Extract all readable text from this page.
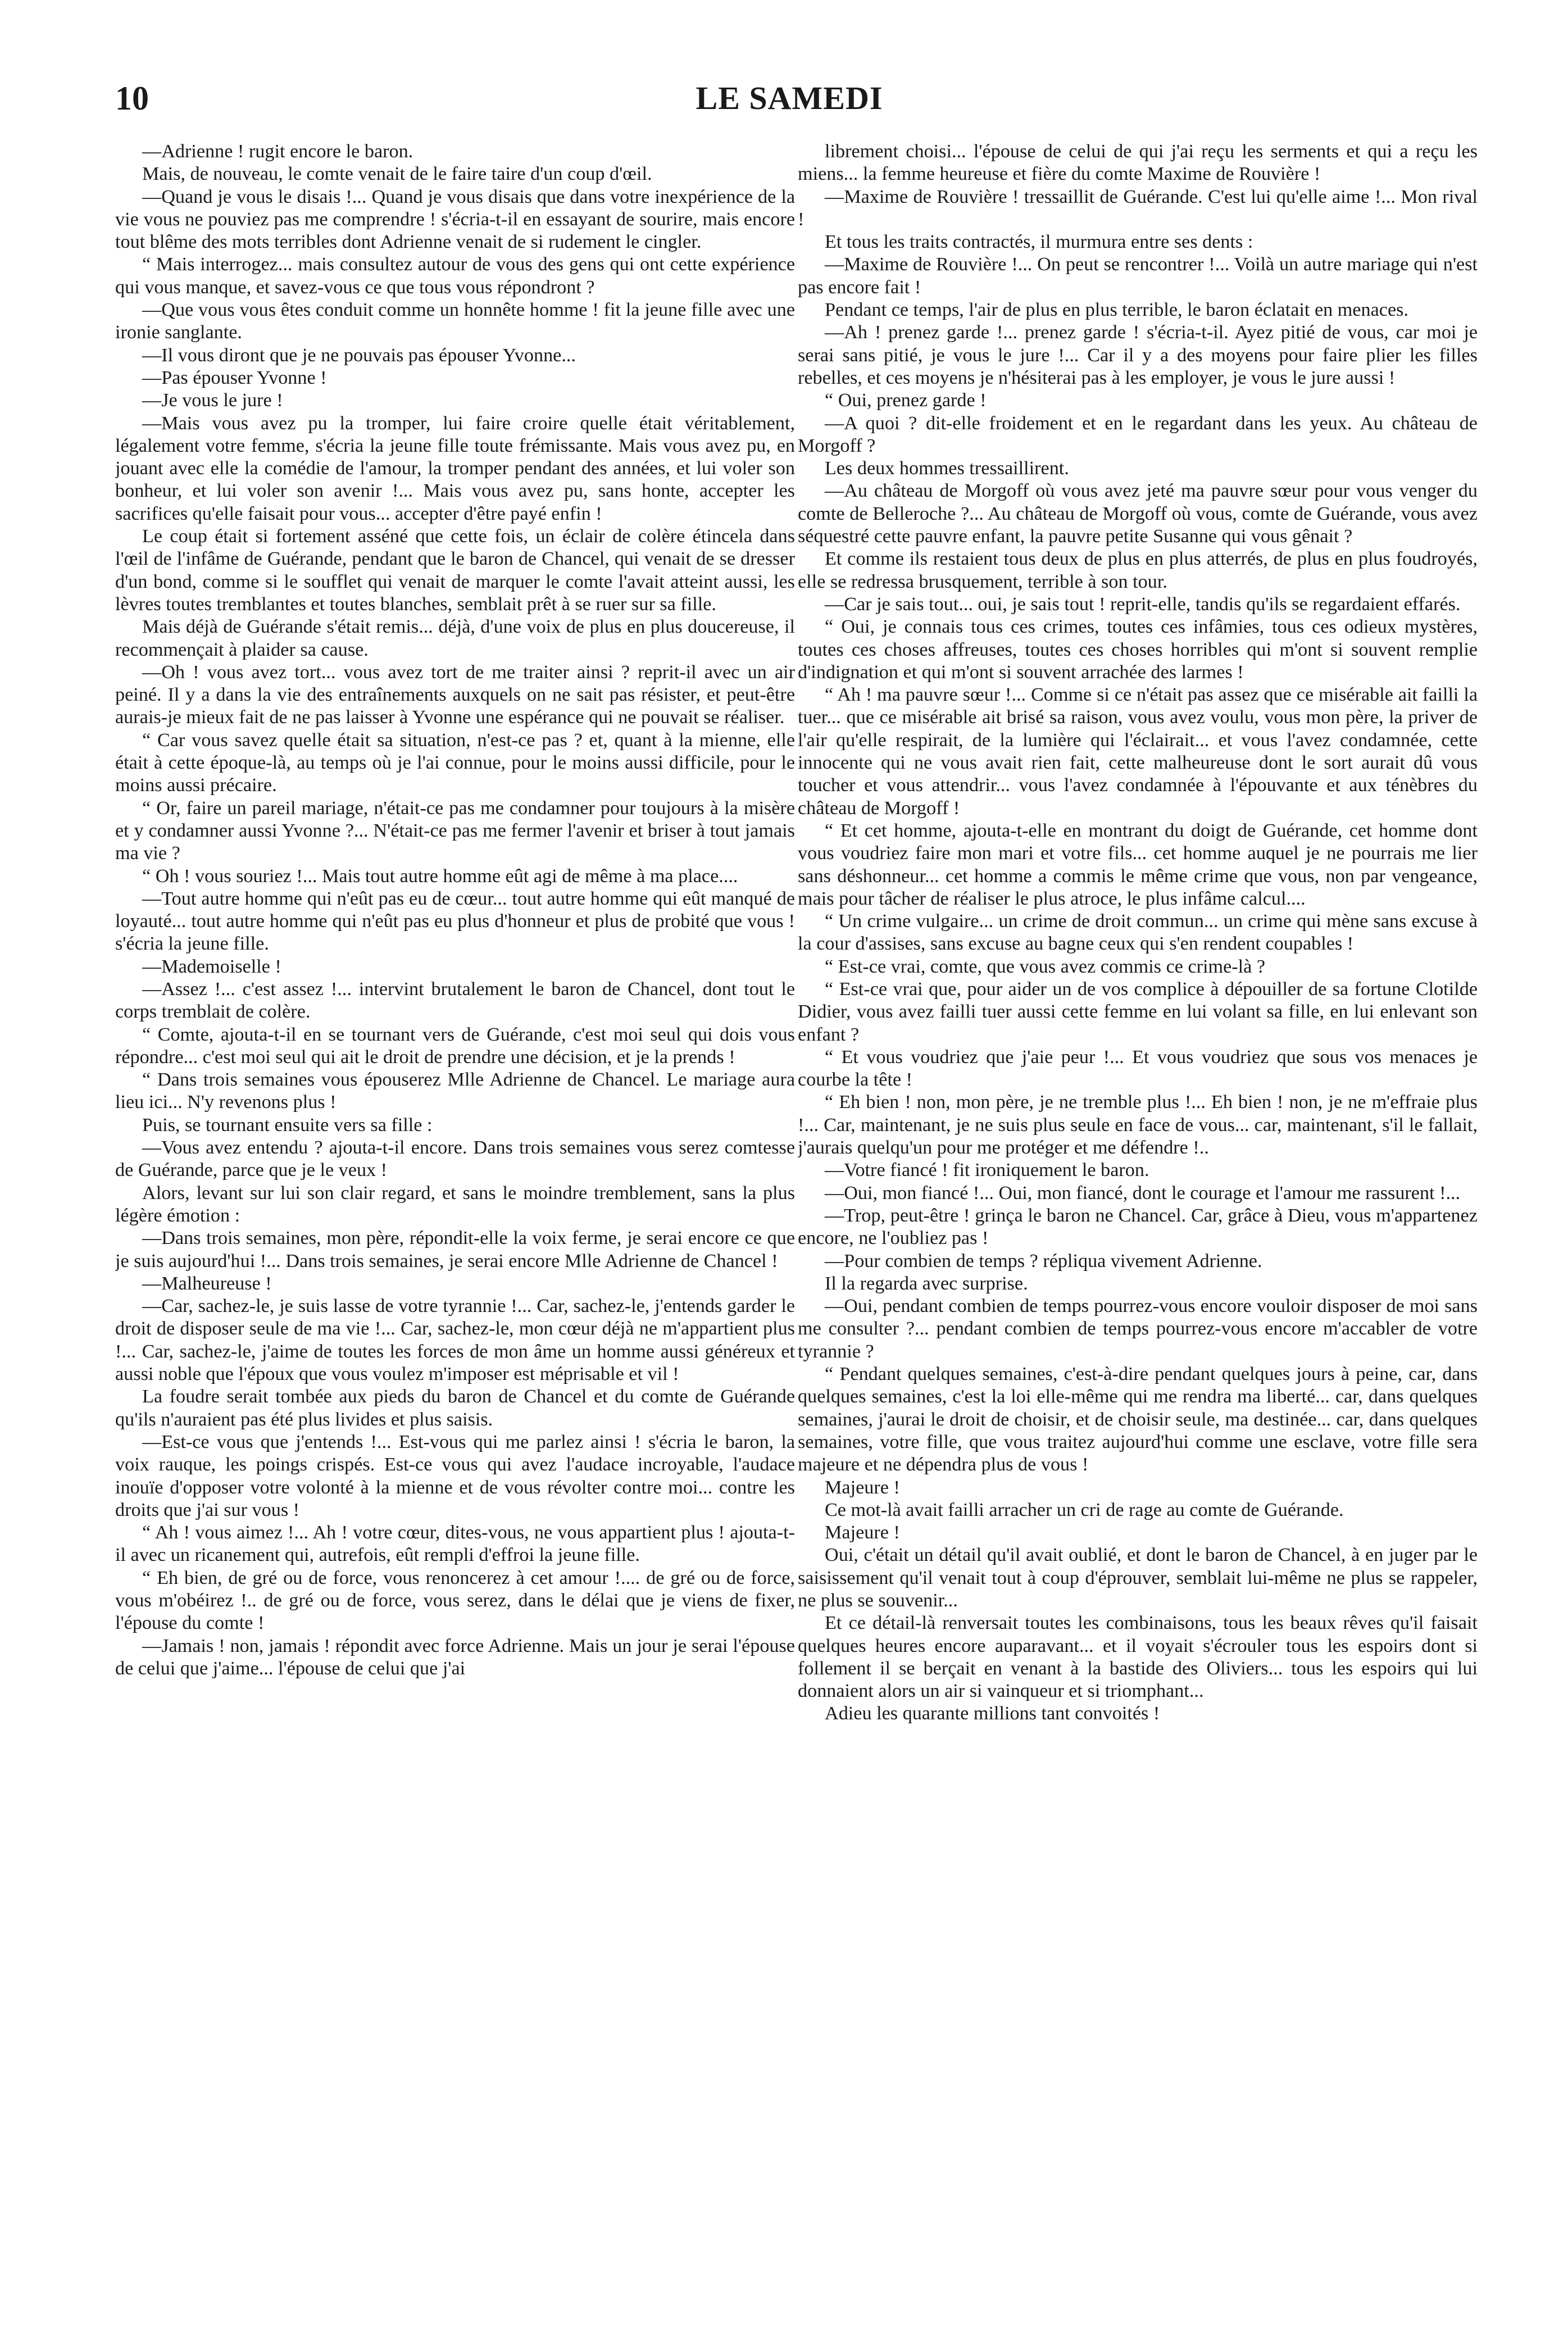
10	LE SAMEDI

—Adrienne ! rugit encore le baron.

Mais, de nouveau, le comte venait de le faire taire d'un coup d'œil.

—Quand je vous le disais !... Quand je vous disais que dans votre inexpérience de la vie vous ne pouviez pas me comprendre ! s'écria-t-il en essayant de sourire, mais encore tout blême des mots terribles dont Adrienne venait de si rudement le cingler.

“ Mais interrogez... mais consultez autour de vous des gens qui ont cette expérience qui vous manque, et savez-vous ce que tous vous répondront ?

—Que vous vous êtes conduit comme un honnête homme ! fit la jeune fille avec une ironie sanglante.

—Il vous diront que je ne pouvais pas épouser Yvonne...

—Pas épouser Yvonne !

—Je vous le jure !

—Mais vous avez pu la tromper, lui faire croire quelle était véritablement, légalement votre femme, s'écria la jeune fille toute frémissante. Mais vous avez pu, en jouant avec elle la comédie de l'amour, la tromper pendant des années, et lui voler son bonheur, et lui voler son avenir !... Mais vous avez pu, sans honte, accepter les sacrifices qu'elle faisait pour vous... accepter d'être payé enfin !

Le coup était si fortement asséné que cette fois, un éclair de colère étincela dans l'œil de l'infâme de Guérande, pendant que le baron de Chancel, qui venait de se dresser d'un bond, comme si le soufflet qui venait de marquer le comte l'avait atteint aussi, les lèvres toutes tremblantes et toutes blanches, semblait prêt à se ruer sur sa fille.

Mais déjà de Guérande s'était remis... déjà, d'une voix de plus en plus doucereuse, il recommençait à plaider sa cause.

—Oh ! vous avez tort... vous avez tort de me traiter ainsi ? reprit-il avec un air peiné. Il y a dans la vie des entraînements auxquels on ne sait pas résister, et peut-être aurais-je mieux fait de ne pas laisser à Yvonne une espérance qui ne pouvait se réaliser.

“ Car vous savez quelle était sa situation, n'est-ce pas ? et, quant à la mienne, elle était à cette époque-là, au temps où je l'ai connue, pour le moins aussi difficile, pour le moins aussi précaire.

“ Or, faire un pareil mariage, n'était-ce pas me condamner pour toujours à la misère et y condamner aussi Yvonne ?... N'était-ce pas me fermer l'avenir et briser à tout jamais ma vie ?

“ Oh ! vous souriez !... Mais tout autre homme eût agi de même à ma place....

—Tout autre homme qui n'eût pas eu de cœur... tout autre homme qui eût manqué de loyauté... tout autre homme qui n'eût pas eu plus d'honneur et plus de probité que vous ! s'écria la jeune fille.

—Mademoiselle !

—Assez !... c'est assez !... intervint brutalement le baron de Chancel, dont tout le corps tremblait de colère.

“ Comte, ajouta-t-il en se tournant vers de Guérande, c'est moi seul qui dois vous répondre... c'est moi seul qui ait le droit de prendre une décision, et je la prends !

“ Dans trois semaines vous épouserez Mlle Adrienne de Chancel. Le mariage aura lieu ici... N'y revenons plus !

Puis, se tournant ensuite vers sa fille :

—Vous avez entendu ? ajouta-t-il encore. Dans trois semaines vous serez comtesse de Guérande, parce que je le veux !

Alors, levant sur lui son clair regard, et sans le moindre tremblement, sans la plus légère émotion :

—Dans trois semaines, mon père, répondit-elle la voix ferme, je serai encore ce que je suis aujourd'hui !... Dans trois semaines, je serai encore Mlle Adrienne de Chancel !

—Malheureuse !

—Car, sachez-le, je suis lasse de votre tyrannie !... Car, sachez-le, j'entends garder le droit de disposer seule de ma vie !... Car, sachez-le, mon cœur déjà ne m'appartient plus !... Car, sachez-le, j'aime de toutes les forces de mon âme un homme aussi généreux et aussi noble que l'époux que vous voulez m'imposer est méprisable et vil !

La foudre serait tombée aux pieds du baron de Chancel et du comte de Guérande qu'ils n'auraient pas été plus livides et plus saisis.

—Est-ce vous que j'entends !... Est-vous qui me parlez ainsi ! s'écria le baron, la voix rauque, les poings crispés. Est-ce vous qui avez l'audace incroyable, l'audace inouïe d'opposer votre volonté à la mienne et de vous révolter contre moi... contre les droits que j'ai sur vous !

“ Ah ! vous aimez !... Ah ! votre cœur, dites-vous, ne vous appartient plus ! ajouta-t-il avec un ricanement qui, autrefois, eût rempli d'effroi la jeune fille.

“ Eh bien, de gré ou de force, vous renoncerez à cet amour !.... de gré ou de force, vous m'obéirez !.. de gré ou de force, vous serez, dans le délai que je viens de fixer, l'épouse du comte !

—Jamais ! non, jamais ! répondit avec force Adrienne. Mais un jour je serai l'épouse de celui que j'aime... l'épouse de celui que j'ai

librement choisi... l'épouse de celui de qui j'ai reçu les serments et qui a reçu les miens... la femme heureuse et fière du comte Maxime de Rouvière !

—Maxime de Rouvière ! tressaillit de Guérande. C'est lui qu'elle aime !... Mon rival !

Et tous les traits contractés, il murmura entre ses dents :

—Maxime de Rouvière !... On peut se rencontrer !... Voilà un autre mariage qui n'est pas encore fait !

Pendant ce temps, l'air de plus en plus terrible, le baron éclatait en menaces.

—Ah ! prenez garde !... prenez garde ! s'écria-t-il. Ayez pitié de vous, car moi je serai sans pitié, je vous le jure !... Car il y a des moyens pour faire plier les filles rebelles, et ces moyens je n'hésiterai pas à les employer, je vous le jure aussi !

“ Oui, prenez garde !

—A quoi ? dit-elle froidement et en le regardant dans les yeux. Au château de Morgoff ?

Les deux hommes tressaillirent.

—Au château de Morgoff où vous avez jeté ma pauvre sœur pour vous venger du comte de Belleroche ?... Au château de Morgoff où vous, comte de Guérande, vous avez séquestré cette pauvre enfant, la pauvre petite Susanne qui vous gênait ?

Et comme ils restaient tous deux de plus en plus atterrés, de plus en plus foudroyés, elle se redressa brusquement, terrible à son tour.

—Car je sais tout... oui, je sais tout ! reprit-elle, tandis qu'ils se regardaient effarés.

“ Oui, je connais tous ces crimes, toutes ces infâmies, tous ces odieux mystères, toutes ces choses affreuses, toutes ces choses horribles qui m'ont si souvent remplie d'indignation et qui m'ont si souvent arrachée des larmes !

“ Ah ! ma pauvre sœur !... Comme si ce n'était pas assez que ce misérable ait failli la tuer... que ce misérable ait brisé sa raison, vous avez voulu, vous mon père, la priver de l'air qu'elle respirait, de la lumière qui l'éclairait... et vous l'avez condamnée, cette innocente qui ne vous avait rien fait, cette malheureuse dont le sort aurait dû vous toucher et vous attendrir... vous l'avez condamnée à l'épouvante et aux ténèbres du château de Morgoff !

“ Et cet homme, ajouta-t-elle en montrant du doigt de Guérande, cet homme dont vous voudriez faire mon mari et votre fils... cet homme auquel je ne pourrais me lier sans déshonneur... cet homme a commis le même crime que vous, non par vengeance, mais pour tâcher de réaliser le plus atroce, le plus infâme calcul....

“ Un crime vulgaire... un crime de droit commun... un crime qui mène sans excuse à la cour d'assises, sans excuse au bagne ceux qui s'en rendent coupables !

“ Est-ce vrai, comte, que vous avez commis ce crime-là ?

“ Est-ce vrai que, pour aider un de vos complice à dépouiller de sa fortune Clotilde Didier, vous avez failli tuer aussi cette femme en lui volant sa fille, en lui enlevant son enfant ?

“ Et vous voudriez que j'aie peur !... Et vous voudriez que sous vos menaces je courbe la tête !

“ Eh bien ! non, mon père, je ne tremble plus !... Eh bien ! non, je ne m'effraie plus !... Car, maintenant, je ne suis plus seule en face de vous... car, maintenant, s'il le fallait, j'aurais quelqu'un pour me protéger et me défendre !..

—Votre fiancé ! fit ironiquement le baron.

—Oui, mon fiancé !... Oui, mon fiancé, dont le courage et l'amour me rassurent !...

—Trop, peut-être ! grinça le baron ne Chancel. Car, grâce à Dieu, vous m'appartenez encore, ne l'oubliez pas !

—Pour combien de temps ? répliqua vivement Adrienne.

Il la regarda avec surprise.

—Oui, pendant combien de temps pourrez-vous encore vouloir disposer de moi sans me consulter ?... pendant combien de temps pourrez-vous encore m'accabler de votre tyrannie ?

“ Pendant quelques semaines, c'est-à-dire pendant quelques jours à peine, car, dans quelques semaines, c'est la loi elle-même qui me rendra ma liberté... car, dans quelques semaines, j'aurai le droit de choisir, et de choisir seule, ma destinée... car, dans quelques semaines, votre fille, que vous traitez aujourd'hui comme une esclave, votre fille sera majeure et ne dépendra plus de vous !

Majeure !

Ce mot-là avait failli arracher un cri de rage au comte de Guérande.

Majeure !

Oui, c'était un détail qu'il avait oublié, et dont le baron de Chancel, à en juger par le saisissement qu'il venait tout à coup d'éprouver, semblait lui-même ne plus se rappeler, ne plus se souvenir...

Et ce détail-là renversait toutes les combinaisons, tous les beaux rêves qu'il faisait quelques heures encore auparavant... et il voyait s'écrouler tous les espoirs dont si follement il se berçait en venant à la bastide des Oliviers... tous les espoirs qui lui donnaient alors un air si vainqueur et si triomphant...

Adieu les quarante millions tant convoités !
